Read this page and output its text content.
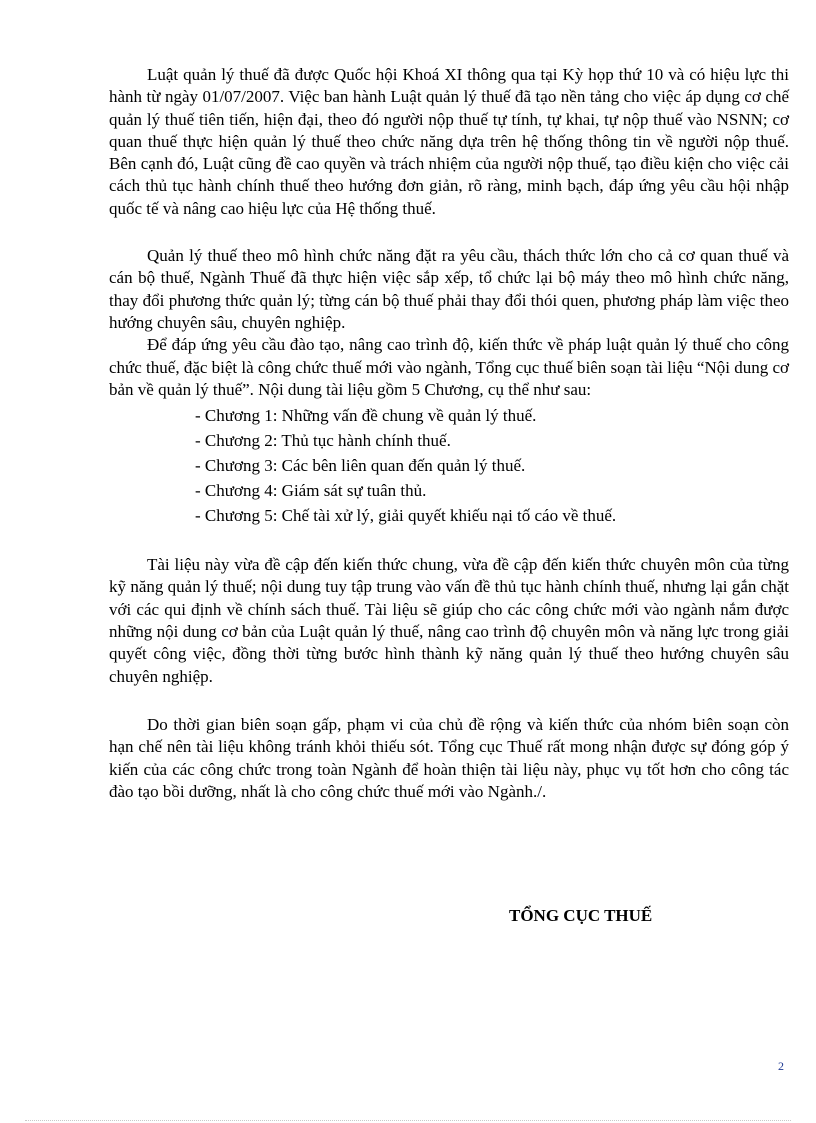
Luật quản lý thuế đã được Quốc hội Khoá XI thông qua tại Kỳ họp thứ 10 và có hiệu lực thi hành từ ngày 01/07/2007. Việc ban hành Luật quản lý thuế đã tạo nền tảng cho việc áp dụng cơ chế quản lý thuế tiên tiến, hiện đại, theo đó người nộp thuế tự tính, tự khai, tự nộp thuế vào NSNN; cơ quan thuế thực hiện quản lý thuế theo chức năng dựa trên hệ thống thông tin về người nộp thuế. Bên cạnh đó, Luật cũng đề cao quyền và trách nhiệm của người nộp thuế, tạo điều kiện cho việc cải cách thủ tục hành chính thuế theo hướng đơn giản, rõ ràng, minh bạch, đáp ứng yêu cầu hội nhập quốc tế và nâng cao hiệu lực của Hệ thống thuế.

Quản lý thuế theo mô hình chức năng đặt ra yêu cầu, thách thức lớn cho cả cơ quan thuế và cán bộ thuế, Ngành Thuế đã thực hiện việc sắp xếp, tổ chức lại bộ máy theo mô hình chức năng, thay đổi phương thức quản lý; từng cán bộ thuế phải thay đổi thói quen, phương pháp làm việc theo hướng chuyên sâu, chuyên nghiệp.

Để đáp ứng yêu cầu đào tạo, nâng cao trình độ, kiến thức về pháp luật quản lý thuế cho công chức thuế, đặc biệt là công chức thuế mới vào ngành, Tổng cục thuế biên soạn tài liệu “Nội dung cơ bản về quản lý thuế”. Nội dung tài liệu gồm 5 Chương, cụ thể như sau:

- Chương 1: Những vấn đề chung về quản lý thuế.
- Chương 2: Thủ tục hành chính thuế.
- Chương 3: Các bên liên quan đến quản lý thuế.
- Chương 4: Giám sát sự tuân thủ.
- Chương 5: Chế tài xử lý, giải quyết khiếu nại tố cáo về thuế.

Tài liệu này vừa đề cập đến kiến thức chung, vừa đề cập đến kiến thức chuyên môn của từng kỹ năng quản lý thuế; nội dung tuy tập trung vào vấn đề thủ tục hành chính thuế, nhưng lại gắn chặt với các qui định về chính sách thuế. Tài liệu sẽ giúp cho các công chức mới vào ngành nắm được những nội dung cơ bản của Luật quản lý thuế, nâng cao trình độ chuyên môn và năng lực trong giải quyết công việc, đồng thời từng bước hình thành kỹ năng quản lý thuế theo hướng chuyên sâu chuyên nghiệp.

Do thời gian biên soạn gấp, phạm vi của chủ đề rộng và kiến thức của nhóm biên soạn còn hạn chế nên tài liệu không tránh khỏi thiếu sót. Tổng cục Thuế rất mong nhận được sự đóng góp ý kiến của các công chức trong toàn Ngành để hoàn thiện tài liệu này, phục vụ tốt hơn cho công tác đào tạo bồi dưỡng, nhất là cho công chức thuế mới vào Ngành./.

TỔNG CỤC THUẾ
2
